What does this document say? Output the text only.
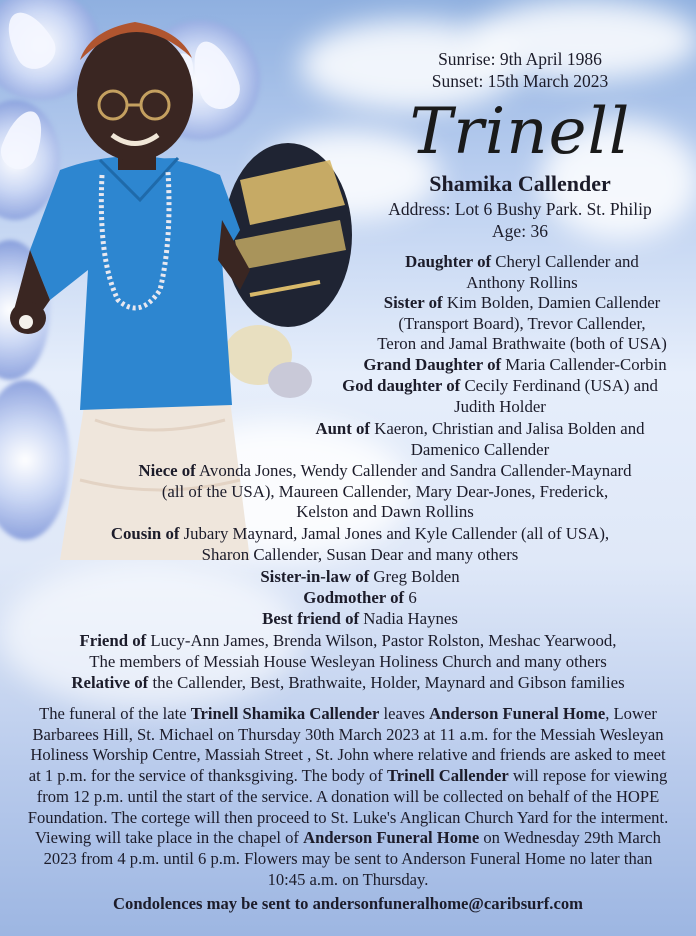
Sunrise: 9th April 1986
Sunset: 15th March 2023
Trinell
Shamika Callender
Address: Lot 6 Bushy Park. St. Philip
Age: 36
Daughter of Cheryl Callender and
Anthony Rollins
Sister of Kim Bolden, Damien Callender
(Transport Board), Trevor Callender,
Teron and Jamal Brathwaite (both of USA)
Grand Daughter of Maria Callender-Corbin
God daughter of Cecily Ferdinand (USA) and
Judith Holder
Aunt of Kaeron, Christian and Jalisa Bolden and
Damenico Callender
Niece of Avonda Jones, Wendy Callender and Sandra Callender-Maynard
(all of the USA), Maureen Callender, Mary Dear-Jones, Frederick,
Kelston and Dawn Rollins
Cousin of Jubary Maynard, Jamal Jones and Kyle Callender (all of USA),
Sharon Callender, Susan Dear and many others
Sister-in-law of Greg Bolden
Godmother of 6
Best friend of Nadia Haynes
Friend of Lucy-Ann James, Brenda Wilson, Pastor Rolston, Meshac Yearwood,
The members of Messiah House Wesleyan Holiness Church and many others
Relative of the Callender, Best, Brathwaite, Holder, Maynard and Gibson families
The funeral of the late Trinell Shamika Callender leaves Anderson Funeral Home, Lower Barbarees Hill, St. Michael on Thursday 30th March 2023 at 11 a.m. for the Messiah Wesleyan Holiness Worship Centre, Massiah Street , St. John where relative and friends are asked to meet at 1 p.m. for the service of thanksgiving. The body of Trinell Callender will repose for viewing from 12 p.m. until the start of the service. A donation will be collected on behalf of the HOPE Foundation. The cortege will then proceed to St. Luke's Anglican Church Yard for the interment. Viewing will take place in the chapel of Anderson Funeral Home on Wednesday 29th March 2023 from 4 p.m. until 6 p.m. Flowers may be sent to Anderson Funeral Home no later than 10:45 a.m. on Thursday.
Condolences may be sent to andersonfuneralhome@caribsurf.com
